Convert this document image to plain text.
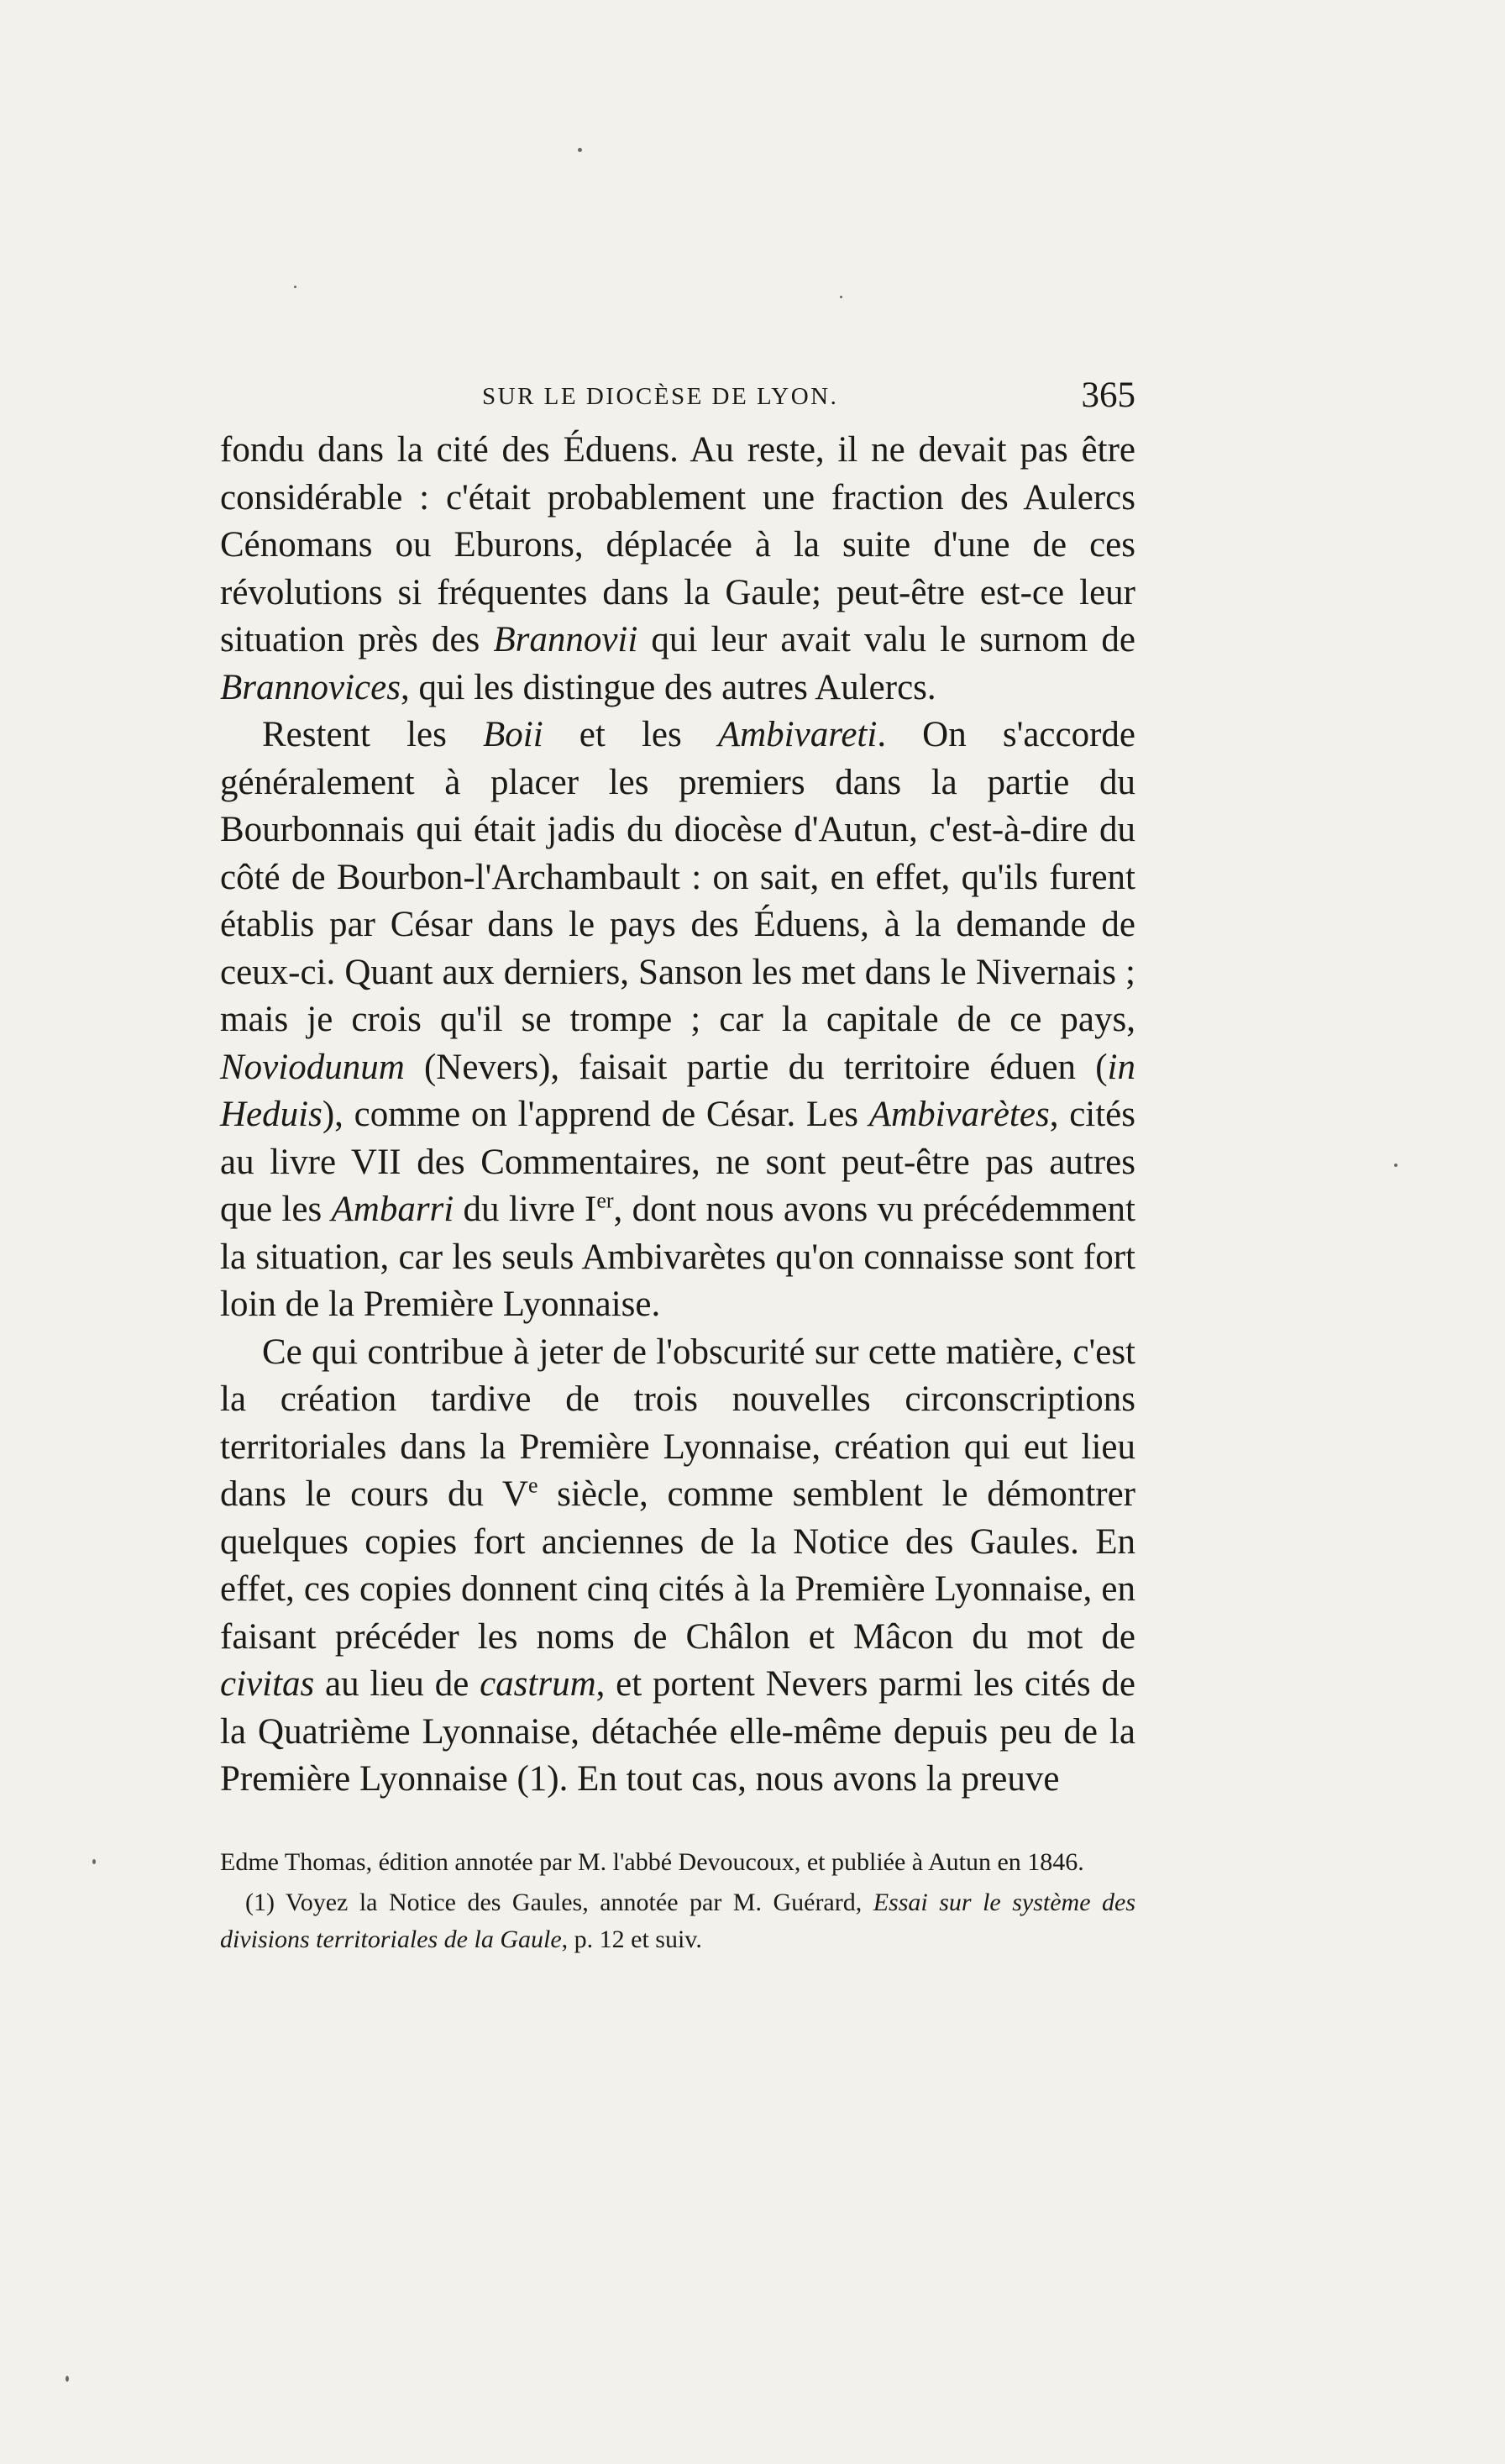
SUR LE DIOCÈSE DE LYON.	365

fondu dans la cité des Éduens. Au reste, il ne devait pas être considérable : c'était probablement une fraction des Aulercs Cénomans ou Eburons, déplacée à la suite d'une de ces révolutions si fréquentes dans la Gaule; peut-être est-ce leur situation près des Brannovii qui leur avait valu le surnom de Brannovices, qui les distingue des autres Aulercs.

Restent les Boii et les Ambivareti. On s'accorde généralement à placer les premiers dans la partie du Bourbonnais qui était jadis du diocèse d'Autun, c'est-à-dire du côté de Bourbon-l'Archambault : on sait, en effet, qu'ils furent établis par César dans le pays des Éduens, à la demande de ceux-ci. Quant aux derniers, Sanson les met dans le Nivernais ; mais je crois qu'il se trompe ; car la capitale de ce pays, Noviodunum (Nevers), faisait partie du territoire éduen (in Heduis), comme on l'apprend de César. Les Ambivarètes, cités au livre VII des Commentaires, ne sont peut-être pas autres que les Ambarri du livre Ier, dont nous avons vu précédemment la situation, car les seuls Ambivarètes qu'on connaisse sont fort loin de la Première Lyonnaise.

Ce qui contribue à jeter de l'obscurité sur cette matière, c'est la création tardive de trois nouvelles circonscriptions territoriales dans la Première Lyonnaise, création qui eut lieu dans le cours du Ve siècle, comme semblent le démontrer quelques copies fort anciennes de la Notice des Gaules. En effet, ces copies donnent cinq cités à la Première Lyonnaise, en faisant précéder les noms de Châlon et Mâcon du mot de civitas au lieu de castrum, et portent Nevers parmi les cités de la Quatrième Lyonnaise, détachée elle-même depuis peu de la Première Lyonnaise (1). En tout cas, nous avons la preuve

Edme Thomas, édition annotée par M. l'abbé Devoucoux, et publiée à Autun en 1846.

(1) Voyez la Notice des Gaules, annotée par M. Guérard, Essai sur le système des divisions territoriales de la Gaule, p. 12 et suiv.
